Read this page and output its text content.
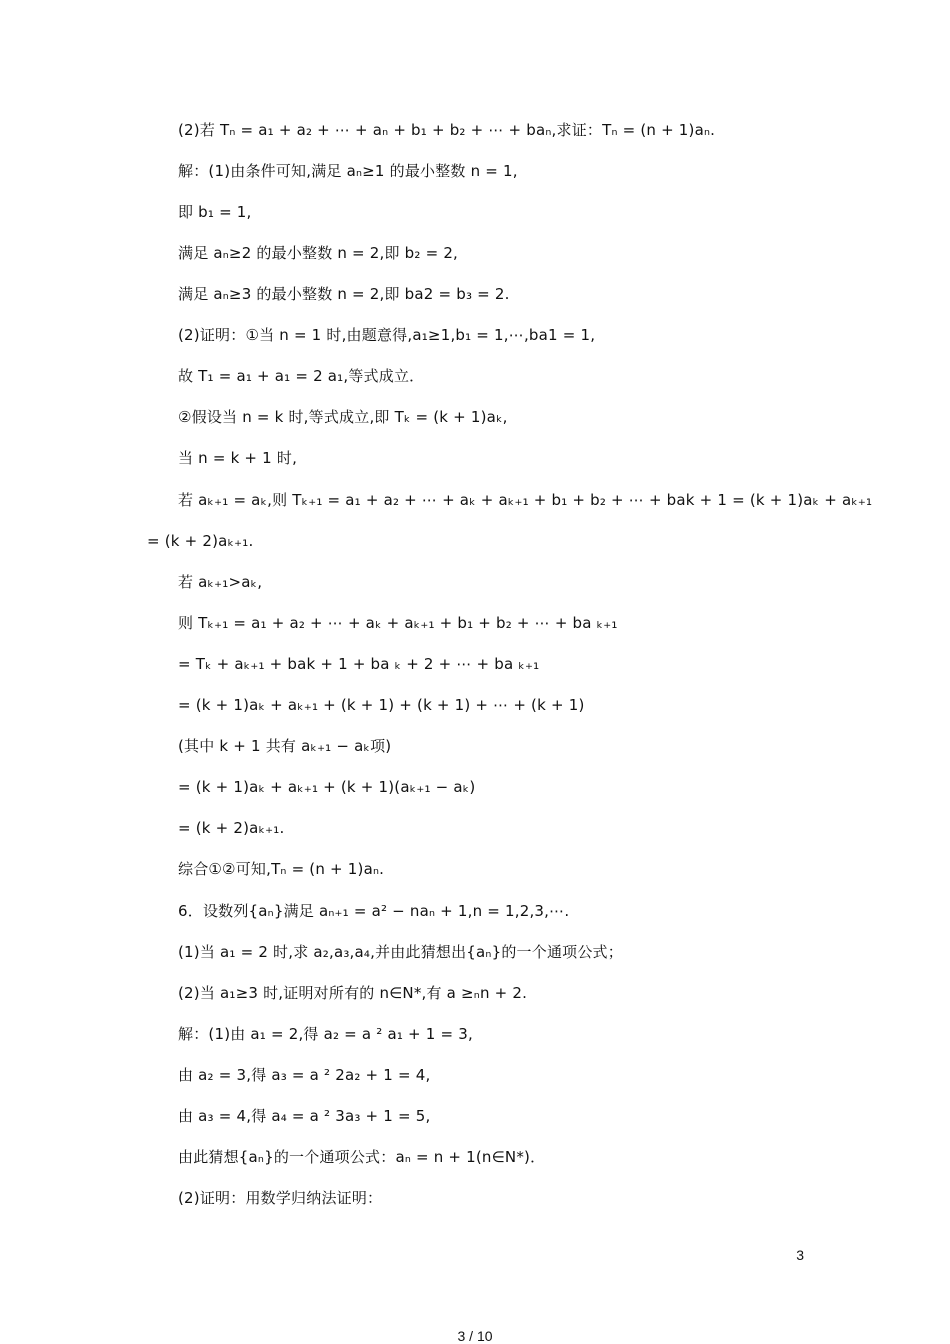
(2)若 Tₙ = a₁ + a₂ + ⋯ + aₙ + b₁ + b₂ + ⋯ + baₙ,求证：Tₙ = (n + 1)aₙ.
解：(1)由条件可知,满足 aₙ≥1 的最小整数 n = 1,
即 b₁ = 1,
满足 aₙ≥2 的最小整数 n = 2,即 b₂ = 2,
满足 aₙ≥3 的最小整数 n = 2,即 ba2 = b₃ = 2.
(2)证明：①当 n = 1 时,由题意得,a₁≥1,b₁ = 1,⋯,ba1 = 1,
故 T₁ = a₁ + a₁ = 2 a₁,等式成立．
②假设当 n = k 时,等式成立,即 Tₖ = (k + 1)aₖ,
当 n = k + 1 时,
若 aₖ₊₁ = aₖ,则 Tₖ₊₁ = a₁ + a₂ + ⋯ + aₖ + aₖ₊₁ + b₁ + b₂ + ⋯ + bak + 1 = (k + 1)aₖ + aₖ₊₁
= (k + 2)aₖ₊₁.
若 aₖ₊₁>aₖ,
则 Tₖ₊₁ = a₁ + a₂ + ⋯ + aₖ + aₖ₊₁ + b₁ + b₂ + ⋯ + ba ₖ₊₁
= Tₖ + aₖ₊₁ + bak + 1 + ba ₖ + 2 + ⋯ + ba ₖ₊₁
= (k + 1)aₖ + aₖ₊₁ + (k + 1) + (k + 1) + ⋯ + (k + 1)
(其中 k + 1 共有 aₖ₊₁ − aₖ项)
= (k + 1)aₖ + aₖ₊₁ + (k + 1)(aₖ₊₁ − aₖ)
= (k + 2)aₖ₊₁.
综合①②可知,Tₙ = (n + 1)aₙ.
6．设数列{aₙ}满足 aₙ₊₁ = a² − naₙ + 1,n = 1,2,3,⋯.
(1)当 a₁ = 2 时,求 a₂,a₃,a₄,并由此猜想出{aₙ}的一个通项公式；
(2)当 a₁≥3 时,证明对所有的 n∈N*,有 a ≥ₙn + 2.
解：(1)由 a₁ = 2,得 a₂ = a ² a₁ + 1 = 3,
由 a₂ = 3,得 a₃ = a ² 2a₂ + 1 = 4,
由 a₃ = 4,得 a₄ = a ² 3a₃ + 1 = 5,
由此猜想{aₙ}的一个通项公式：aₙ = n + 1(n∈N*)．
(2)证明：用数学归纳法证明：
3
3 / 10
